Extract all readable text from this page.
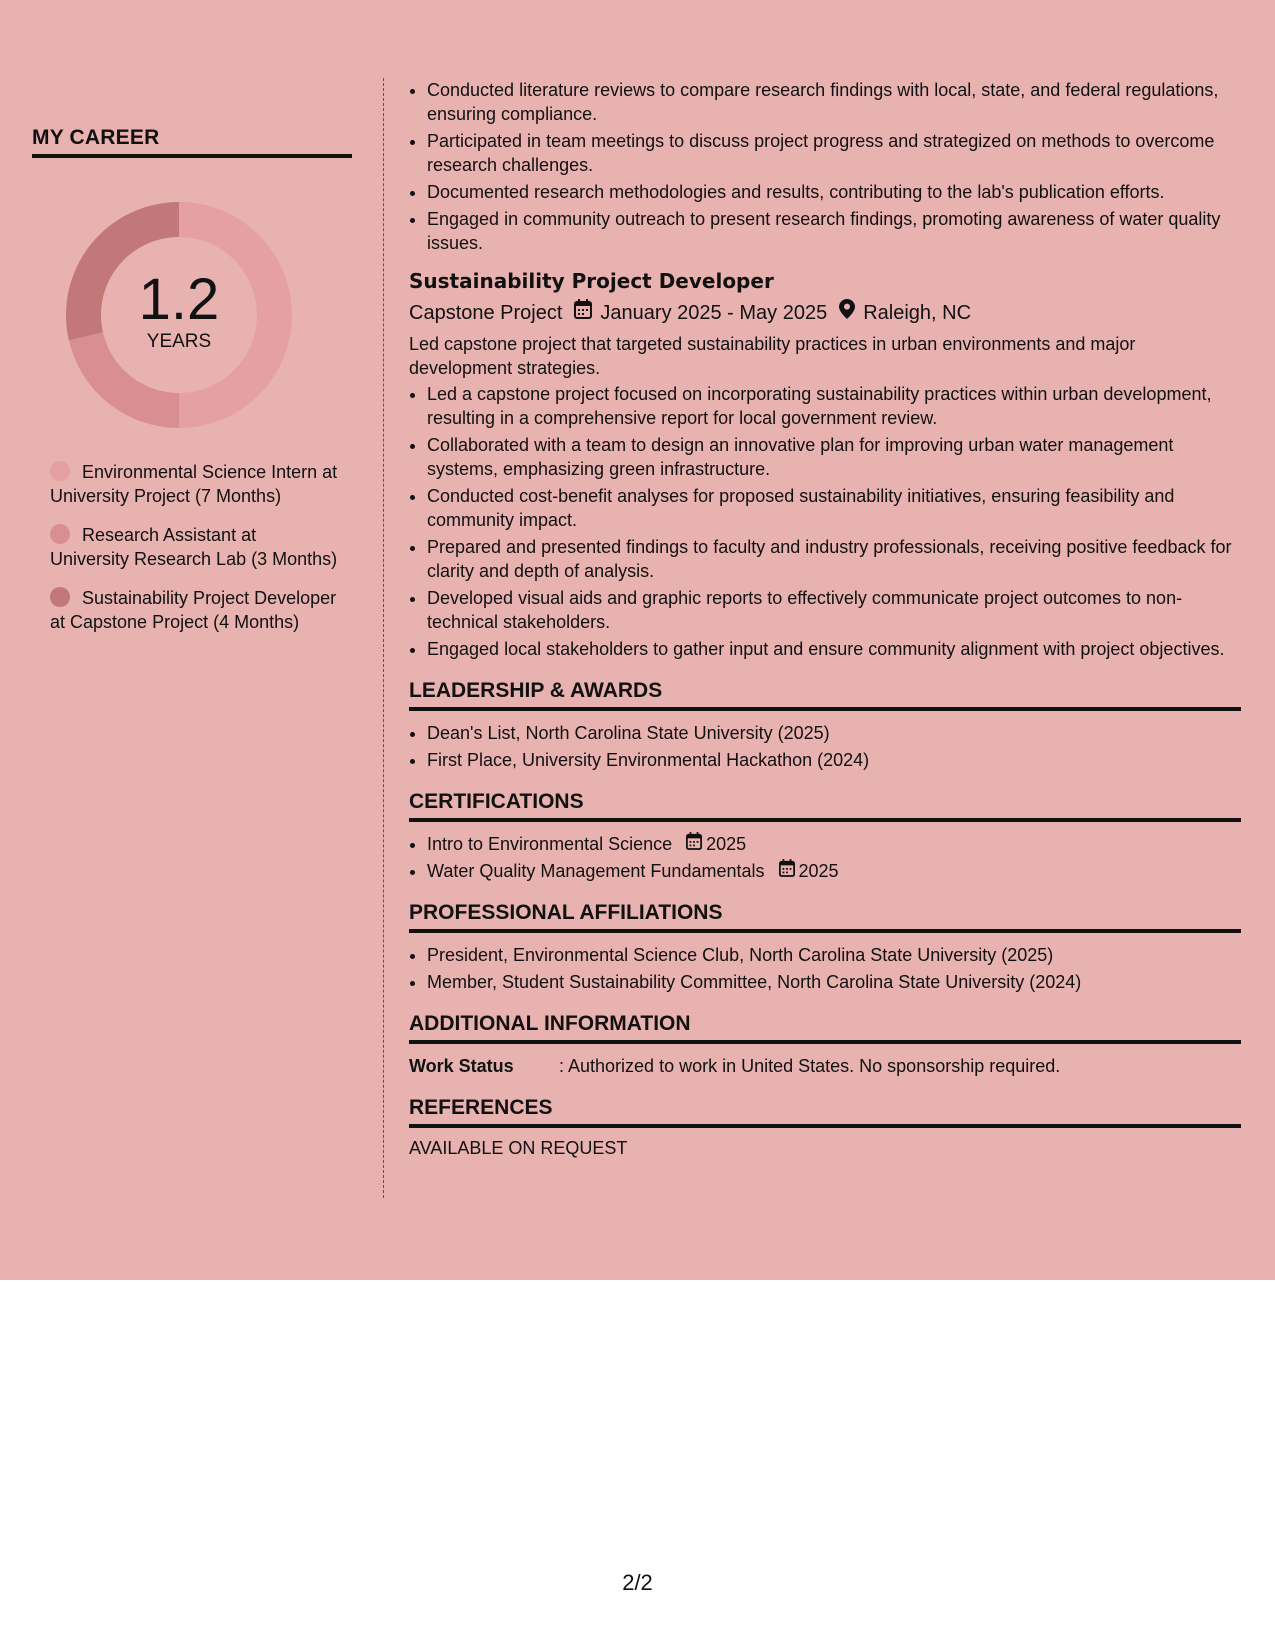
MY CAREER
1.2
YEARS
Environmental Science Intern at University Project (7 Months)
Research Assistant at University Research Lab (3 Months)
Sustainability Project Developer at Capstone Project (4 Months)
• Conducted literature reviews to compare research findings with local, state, and federal regulations, ensuring compliance.
• Participated in team meetings to discuss project progress and strategized on methods to overcome research challenges.
• Documented research methodologies and results, contributing to the lab's publication efforts.
• Engaged in community outreach to present research findings, promoting awareness of water quality issues.
Sustainability Project Developer
Capstone Project January 2025 - May 2025 Raleigh, NC
Led capstone project that targeted sustainability practices in urban environments and major development strategies.
• Led a capstone project focused on incorporating sustainability practices within urban development, resulting in a comprehensive report for local government review.
• Collaborated with a team to design an innovative plan for improving urban water management systems, emphasizing green infrastructure.
• Conducted cost-benefit analyses for proposed sustainability initiatives, ensuring feasibility and community impact.
• Prepared and presented findings to faculty and industry professionals, receiving positive feedback for clarity and depth of analysis.
• Developed visual aids and graphic reports to effectively communicate project outcomes to non-technical stakeholders.
• Engaged local stakeholders to gather input and ensure community alignment with project objectives.
LEADERSHIP & AWARDS
• Dean's List, North Carolina State University (2025)
• First Place, University Environmental Hackathon (2024)
CERTIFICATIONS
• Intro to Environmental Science 2025
• Water Quality Management Fundamentals 2025
PROFESSIONAL AFFILIATIONS
• President, Environmental Science Club, North Carolina State University (2025)
• Member, Student Sustainability Committee, North Carolina State University (2024)
ADDITIONAL INFORMATION
Work Status	: Authorized to work in United States. No sponsorship required.
REFERENCES
AVAILABLE ON REQUEST
2/2
